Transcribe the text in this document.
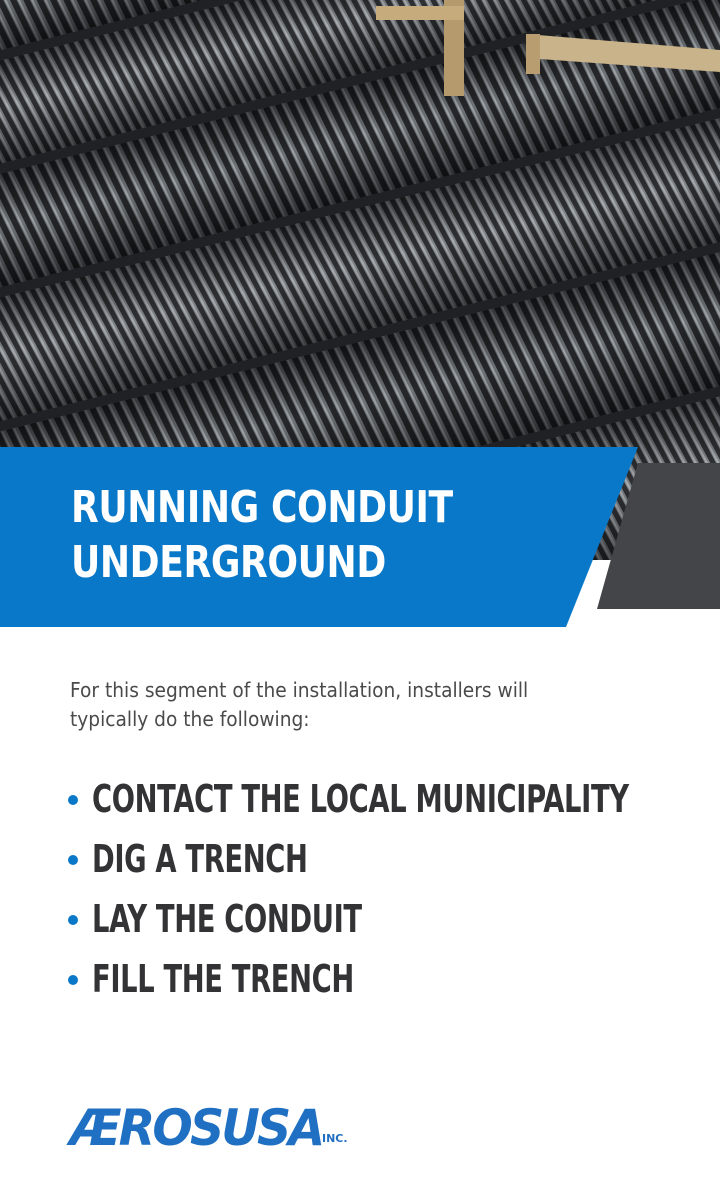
RUNNING CONDUIT UNDERGROUND

For this segment of the installation, installers will typically do the following:

CONTACT THE LOCAL MUNICIPALITY
DIG A TRENCH
LAY THE CONDUIT
FILL THE TRENCH
ÆROSUSA INC.
